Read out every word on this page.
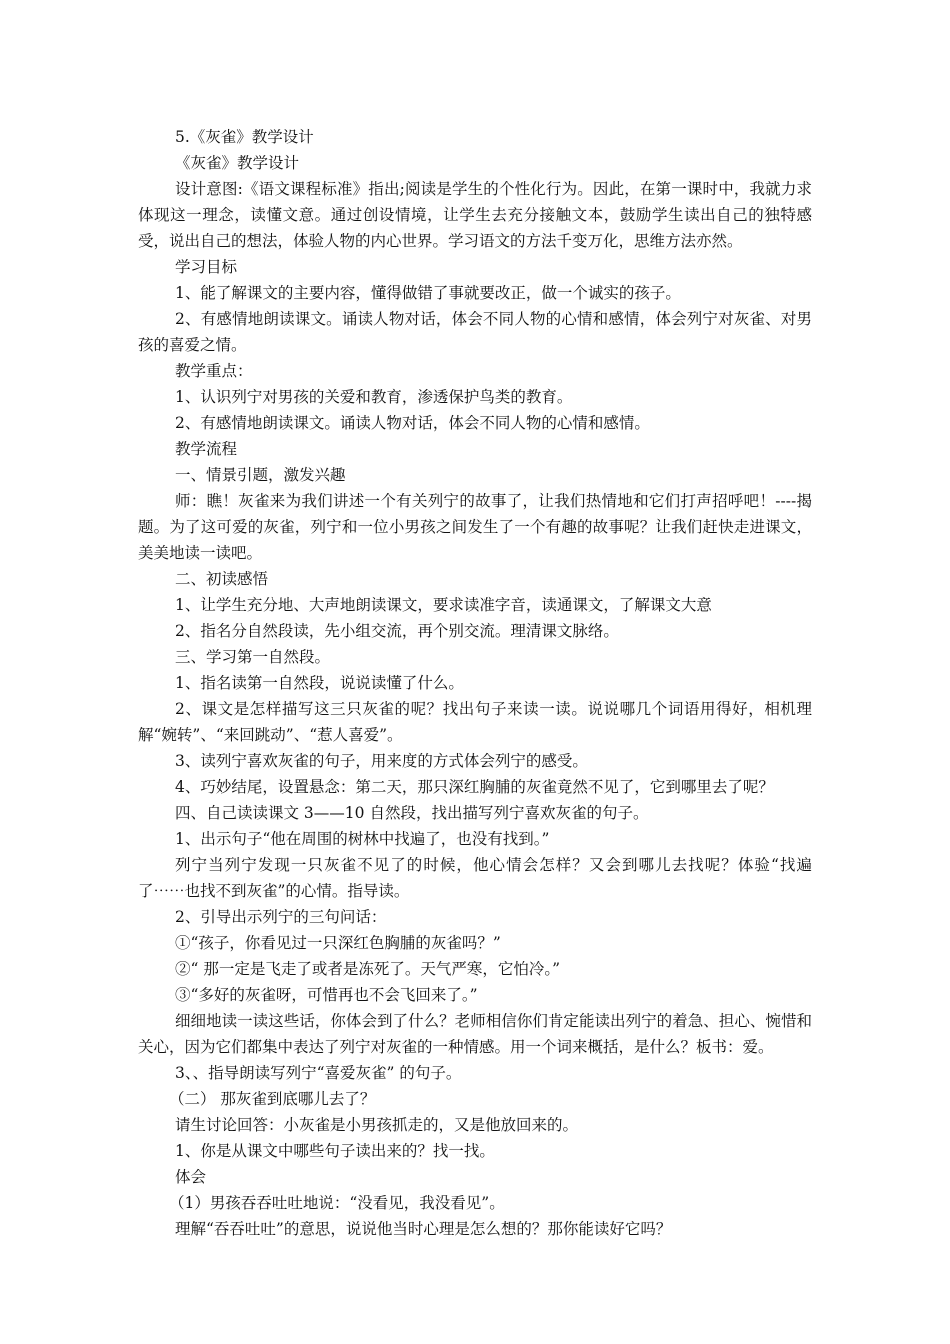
5.《灰雀》教学设计

《灰雀》教学设计

设计意图:《语文课程标准》指出;阅读是学生的个性化行为。因此，在第一课时中，我就力求体现这一理念，读懂文意。通过创设情境，让学生去充分接触文本，鼓励学生读出自己的独特感受，说出自己的想法，体验人物的内心世界。学习语文的方法千变万化，思维方法亦然。

学习目标

1、能了解课文的主要内容，懂得做错了事就要改正，做一个诚实的孩子。

2、有感情地朗读课文。诵读人物对话，体会不同人物的心情和感情，体会列宁对灰雀、对男孩的喜爱之情。

教学重点：

1、认识列宁对男孩的关爱和教育，渗透保护鸟类的教育。

2、有感情地朗读课文。诵读人物对话，体会不同人物的心情和感情。

教学流程

一、情景引题，激发兴趣

师：瞧！灰雀来为我们讲述一个有关列宁的故事了，让我们热情地和它们打声招呼吧！----揭题。为了这可爱的灰雀，列宁和一位小男孩之间发生了一个有趣的故事呢？让我们赶快走进课文，美美地读一读吧。

二、初读感悟

1、让学生充分地、大声地朗读课文，要求读准字音，读通课文，了解课文大意

2、指名分自然段读，先小组交流，再个别交流。理清课文脉络。

三、学习第一自然段。

1、指名读第一自然段，说说读懂了什么。

2、课文是怎样描写这三只灰雀的呢？找出句子来读一读。说说哪几个词语用得好，相机理解“婉转”、“来回跳动”、“惹人喜爱”。

3、读列宁喜欢灰雀的句子，用来度的方式体会列宁的感受。

4、巧妙结尾，设置悬念：第二天，那只深红胸脯的灰雀竟然不见了，它到哪里去了呢？

四、自己读读课文 3——10 自然段，找出描写列宁喜欢灰雀的句子。

1、出示句子“他在周围的树林中找遍了，也没有找到。”

列宁当列宁发现一只灰雀不见了的时候，他心情会怎样？又会到哪儿去找呢？体验“找遍了⋯⋯也找不到灰雀”的心情。指导读。

2、引导出示列宁的三句问话：

①“孩子，你看见过一只深红色胸脯的灰雀吗？”

②“ 那一定是飞走了或者是冻死了。天气严寒，它怕冷。”

③“多好的灰雀呀，可惜再也不会飞回来了。”

细细地读一读这些话，你体会到了什么？老师相信你们肯定能读出列宁的着急、担心、惋惜和关心，因为它们都集中表达了列宁对灰雀的一种情感。用一个词来概括，是什么？板书：爱。

3、、指导朗读写列宁“喜爱灰雀” 的句子。

（二） 那灰雀到底哪儿去了？

请生讨论回答：小灰雀是小男孩抓走的，又是他放回来的。

1、你是从课文中哪些句子读出来的？找一找。

体会

（1）男孩吞吞吐吐地说：“没看见，我没看见”。

理解“吞吞吐吐”的意思，说说他当时心理是怎么想的？那你能读好它吗？
